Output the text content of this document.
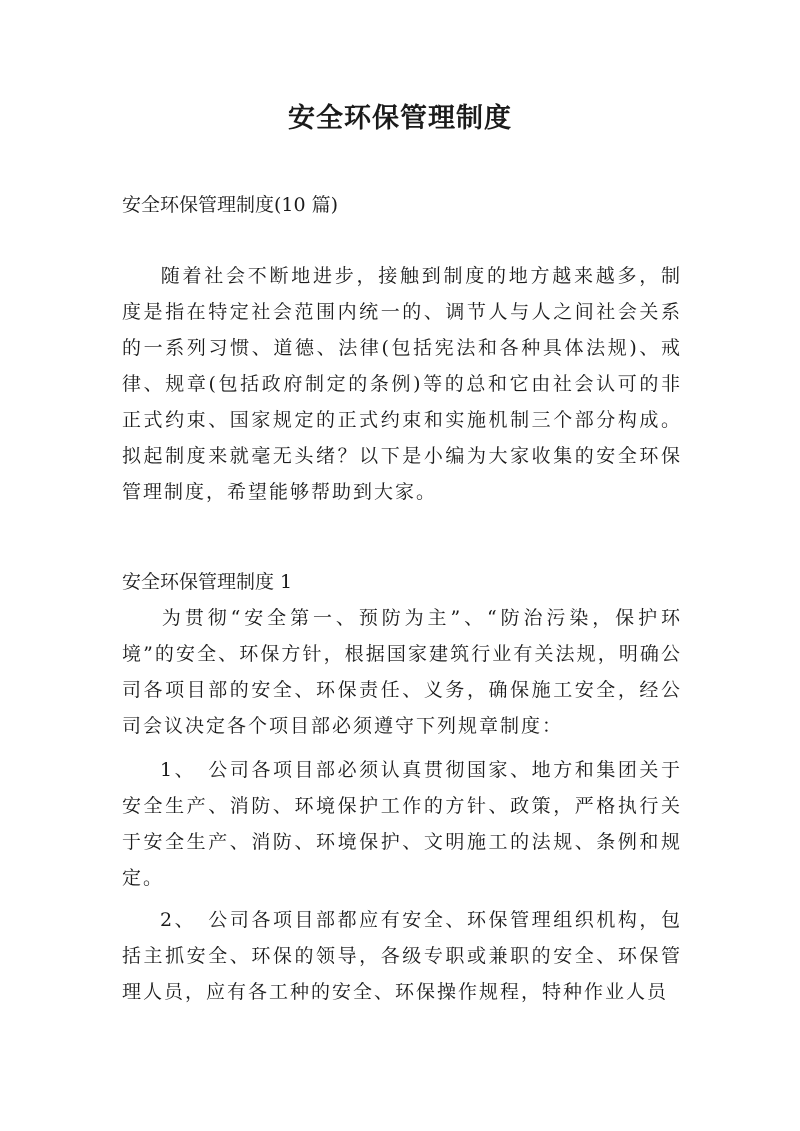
安全环保管理制度
安全环保管理制度(10 篇)
随着社会不断地进步，接触到制度的地方越来越多，制度是指在特定社会范围内统一的、调节人与人之间社会关系的一系列习惯、道德、法律(包括宪法和各种具体法规)、戒律、规章(包括政府制定的条例)等的总和它由社会认可的非正式约束、国家规定的正式约束和实施机制三个部分构成。拟起制度来就毫无头绪？以下是小编为大家收集的安全环保管理制度，希望能够帮助到大家。
安全环保管理制度 1
为贯彻“安全第一、预防为主”、“防治污染，保护环境”的安全、环保方针，根据国家建筑行业有关法规，明确公司各项目部的安全、环保责任、义务，确保施工安全，经公司会议决定各个项目部必须遵守下列规章制度：
1、　公司各项目部必须认真贯彻国家、地方和集团关于安全生产、消防、环境保护工作的方针、政策，严格执行关于安全生产、消防、环境保护、文明施工的法规、条例和规定。
2、　公司各项目部都应有安全、环保管理组织机构，包括主抓安全、环保的领导，各级专职或兼职的安全、环保管理人员，应有各工种的安全、环保操作规程，特种作业人员
